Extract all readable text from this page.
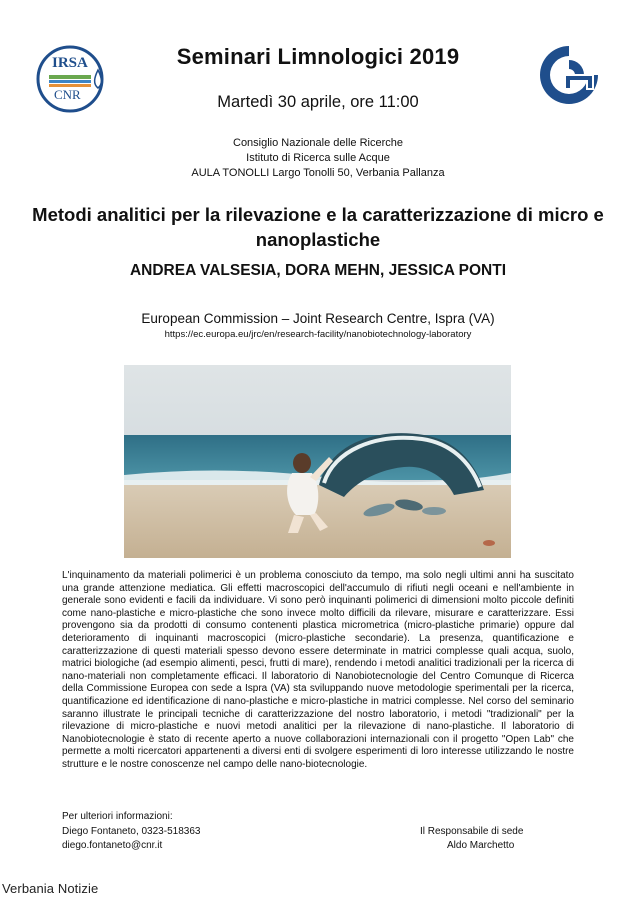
IRSA
CNR
Seminari Limnologici 2019
Martedì 30 aprile, ore 11:00
Consiglio Nazionale delle Ricerche
Istituto di Ricerca sulle Acque
AULA TONOLLI Largo Tonolli 50, Verbania Pallanza
Metodi analitici per la rilevazione e la caratterizzazione di micro e nanoplastiche
ANDREA VALSESIA, DORA MEHN, JESSICA PONTI
European Commission – Joint Research Centre, Ispra (VA)
https://ec.europa.eu/jrc/en/research-facility/nanobiotechnology-laboratory

L'inquinamento da materiali polimerici è un problema conosciuto da tempo, ma solo negli ultimi anni ha suscitato una grande attenzione mediatica. Gli effetti macroscopici dell'accumulo di rifiuti negli oceani e nell'ambiente in generale sono evidenti e facili da individuare. Vi sono però inquinanti polimerici di dimensioni molto piccole definiti come nano-plastiche e micro-plastiche che sono invece molto difficili da rilevare, misurare e caratterizzare. Essi provengono sia da prodotti di consumo contenenti plastica micrometrica (micro-plastiche primarie) oppure dal deterioramento di inquinanti macroscopici (micro-plastiche secondarie). La presenza, quantificazione e caratterizzazione di questi materiali spesso devono essere determinate in matrici complesse quali acqua, suolo, matrici biologiche (ad esempio alimenti, pesci, frutti di mare), rendendo i metodi analitici tradizionali per la ricerca di nano-materiali non completamente efficaci. Il laboratorio di Nanobiotecnologie del Centro Comunque di Ricerca della Commissione Europea con sede a Ispra (VA) sta sviluppando nuove metodologie sperimentali per la ricerca, quantificazione ed identificazione di nano-plastiche e micro-plastiche in matrici complesse. Nel corso del seminario saranno illustrate le principali tecniche di caratterizzazione del nostro laboratorio, i metodi "tradizionali" per la rilevazione di micro-plastiche e nuovi metodi analitici per la rilevazione di nano-plastiche. Il laboratorio di Nanobiotecnologie è stato di recente aperto a nuove collaborazioni internazionali con il progetto "Open Lab" che permette a molti ricercatori appartenenti a diversi enti di svolgere esperimenti di loro interesse utilizzando le nostre strutture e le nostre conoscenze nel campo delle nano-biotecnologie.

Per ulteriori informazioni:
Diego Fontaneto, 0323-518363
diego.fontaneto@cnr.it
Il Responsabile di sede
Aldo Marchetto
Verbania Notizie
